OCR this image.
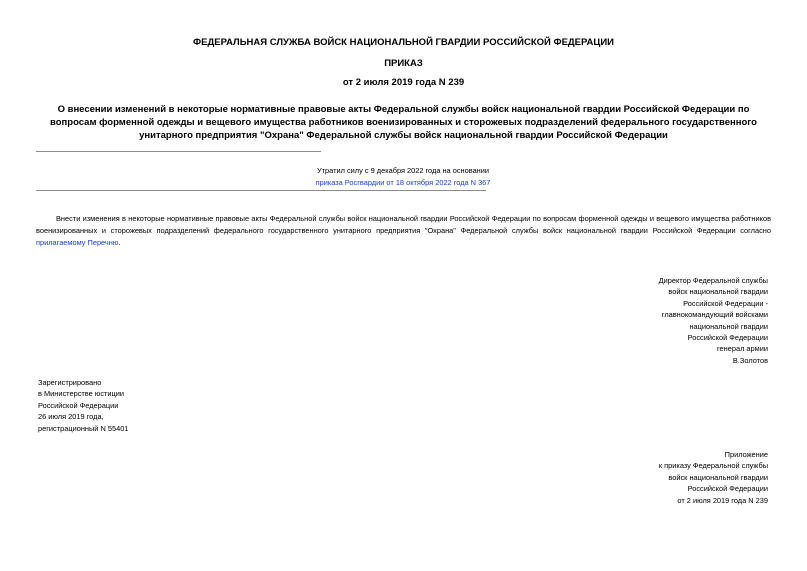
ФЕДЕРАЛЬНАЯ СЛУЖБА ВОЙСК НАЦИОНАЛЬНОЙ ГВАРДИИ РОССИЙСКОЙ ФЕДЕРАЦИИ
ПРИКАЗ
от 2 июля 2019 года N 239
О внесении изменений в некоторые нормативные правовые акты Федеральной службы войск национальной гвардии Российской Федерации по вопросам форменной одежды и вещевого имущества работников военизированных и сторожевых подразделений федерального государственного унитарного предприятия "Охрана" Федеральной службы войск национальной гвардии Российской Федерации
Утратил силу с 9 декабря 2022 года на основании
приказа Росгвардии от 18 октября 2022 года N 367
Внести изменения в некоторые нормативные правовые акты Федеральной службы войск национальной гвардии Российской Федерации по вопросам форменной одежды и вещевого имущества работников военизированных и сторожевых подразделений федерального государственного унитарного предприятия "Охрана" Федеральной службы войск национальной гвардии Российской Федерации согласно прилагаемому Перечню.
Директор Федеральной службы
войск национальной гвардии
Российской Федерации -
главнокомандующий войсками
национальной гвардии
Российской Федерации
генерал армии
В.Золотов
Зарегистрировано
в Министерстве юстиции
Российской Федерации
26 июля 2019 года,
регистрационный N 55401
Приложение
к приказу Федеральной службы
войск национальной гвардии
Российской Федерации
от 2 июля 2019 года N 239
